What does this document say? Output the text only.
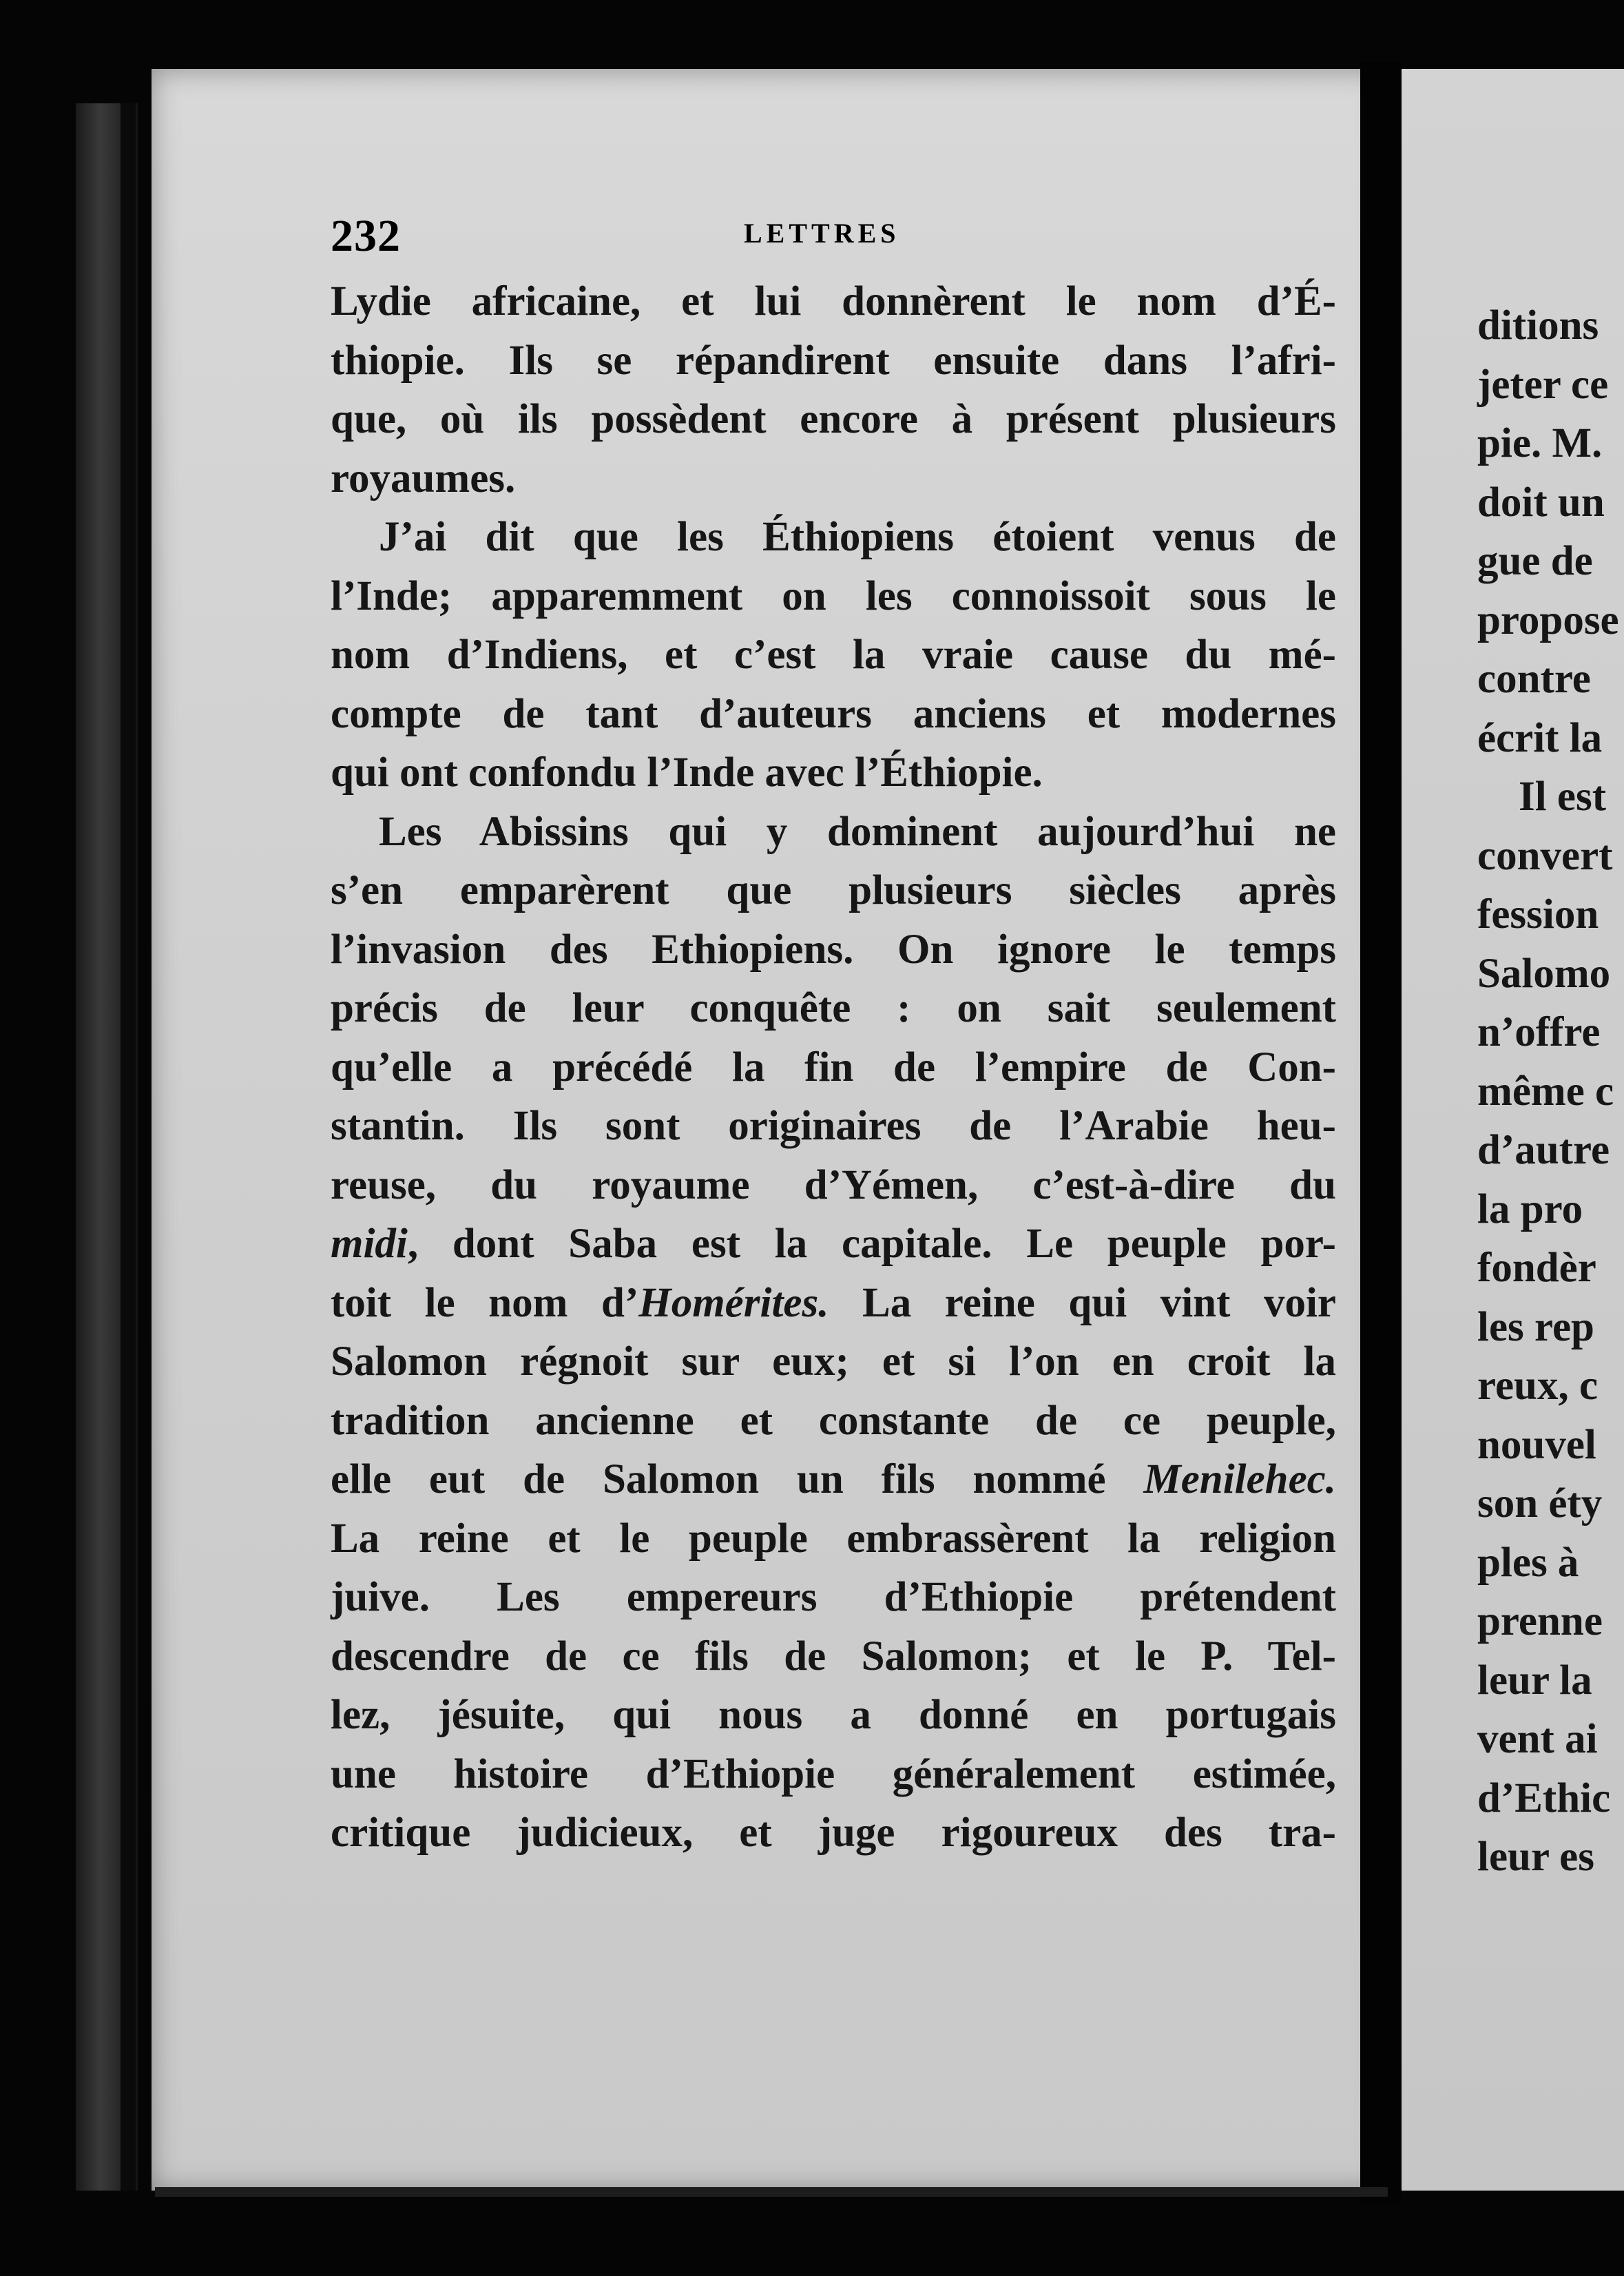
232	LETTRES
Lydie africaine, et lui donnèrent le nom d’É-
thiopie. Ils se répandirent ensuite dans l’afri-
que, où ils possèdent encore à présent plusieurs
royaumes.
J’ai dit que les Éthiopiens étoient venus de
l’Inde; apparemment on les connoissoit sous le
nom d’Indiens, et c’est la vraie cause du mé-
compte de tant d’auteurs anciens et modernes
qui ont confondu l’Inde avec l’Éthiopie.
Les Abissins qui y dominent aujourd’hui ne
s’en emparèrent que plusieurs siècles après
l’invasion des Ethiopiens. On ignore le temps
précis de leur conquête : on sait seulement
qu’elle a précédé la fin de l’empire de Con-
stantin. Ils sont originaires de l’Arabie heu-
reuse, du royaume d’Yémen, c’est-à-dire du
midi, dont Saba est la capitale. Le peuple por-
toit le nom d’Homérites. La reine qui vint voir
Salomon régnoit sur eux; et si l’on en croit la
tradition ancienne et constante de ce peuple,
elle eut de Salomon un fils nommé Menilehec.
La reine et le peuple embrassèrent la religion
juive. Les empereurs d’Ethiopie prétendent
descendre de ce fils de Salomon; et le P. Tel-
lez, jésuite, qui nous a donné en portugais
une histoire d’Ethiopie généralement estimée,
critique judicieux, et juge rigoureux des tra-
ditions
jeter ce
pie. M.
doit un
gue de
propose
contre
écrit la
Il est
convert
fession
Salomo
n’offre
même c
d’autre
la pro
fondèr
les rep
reux, c
nouvel
son éty
ples à
prenne
leur la
vent ai
d’Ethic
leur es
